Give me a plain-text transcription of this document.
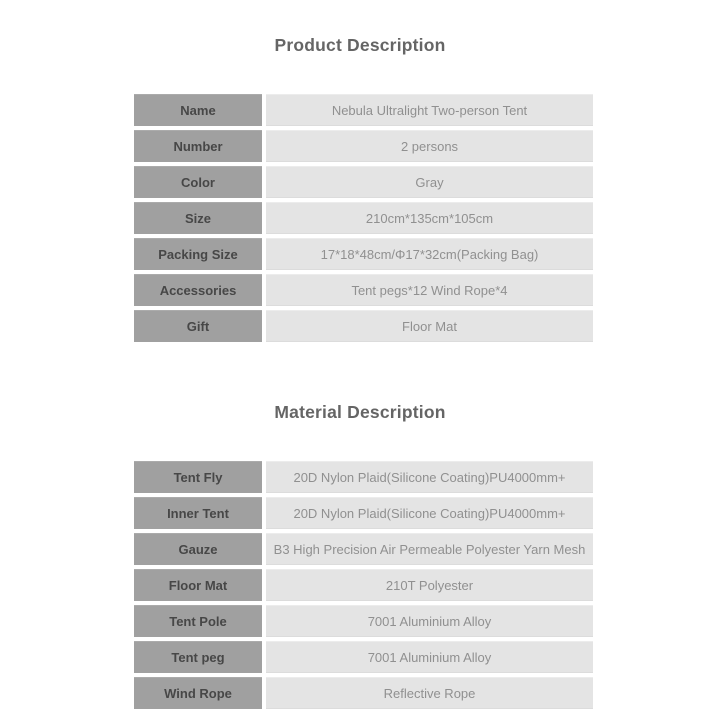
Product Description
Name	Nebula Ultralight Two-person Tent
Number	2 persons
Color	Gray
Size	210cm*135cm*105cm
Packing Size	17*18*48cm/Φ17*32cm(Packing Bag)
Accessories	Tent pegs*12 Wind Rope*4
Gift	Floor Mat
Material Description
Tent Fly	20D Nylon Plaid(Silicone Coating)PU4000mm+
Inner Tent	20D Nylon Plaid(Silicone Coating)PU4000mm+
Gauze	B3 High Precision Air Permeable Polyester Yarn Mesh
Floor Mat	210T Polyester
Tent Pole	7001 Aluminium Alloy
Tent peg	7001 Aluminium Alloy
Wind Rope	Reflective Rope
